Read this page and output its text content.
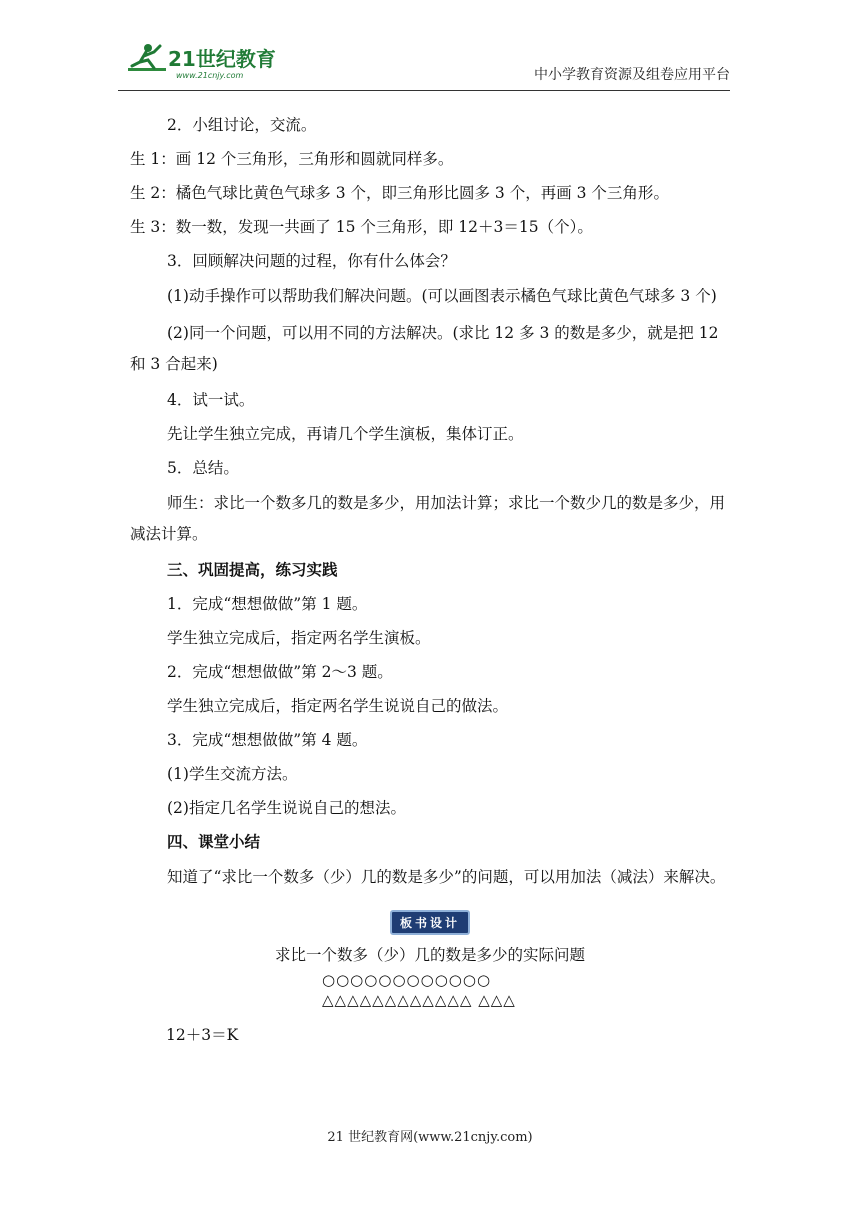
21世纪教育
www.21cnjy.com	中小学教育资源及组卷应用平台

2．小组讨论，交流。

生 1：画 12 个三角形，三角形和圆就同样多。

生 2：橘色气球比黄色气球多 3 个，即三角形比圆多 3 个，再画 3 个三角形。

生 3：数一数，发现一共画了 15 个三角形，即 12＋3＝15（个）。

3．回顾解决问题的过程，你有什么体会？

(1)动手操作可以帮助我们解决问题。(可以画图表示橘色气球比黄色气球多 3 个)

(2)同一个问题，可以用不同的方法解决。(求比 12 多 3 的数是多少，就是把 12 和 3 合起来)

4．试一试。

先让学生独立完成，再请几个学生演板，集体订正。

5．总结。

师生：求比一个数多几的数是多少，用加法计算；求比一个数少几的数是多少，用减法计算。

三、巩固提高，练习实践

1．完成“想想做做”第 1 题。

学生独立完成后，指定两名学生演板。

2．完成“想想做做”第 2～3 题。

学生独立完成后，指定两名学生说说自己的做法。

3．完成“想想做做”第 4 题。

(1)学生交流方法。

(2)指定几名学生说说自己的想法。

四、课堂小结

知道了“求比一个数多（少）几的数是多少”的问题，可以用加法（减法）来解决。

板书设计
求比一个数多（少）几的数是多少的实际问题
○○○○○○○○○○○○
△△△△△△△△△△△△ △△△
12＋3＝K
21 世纪教育网(www.21cnjy.com)
